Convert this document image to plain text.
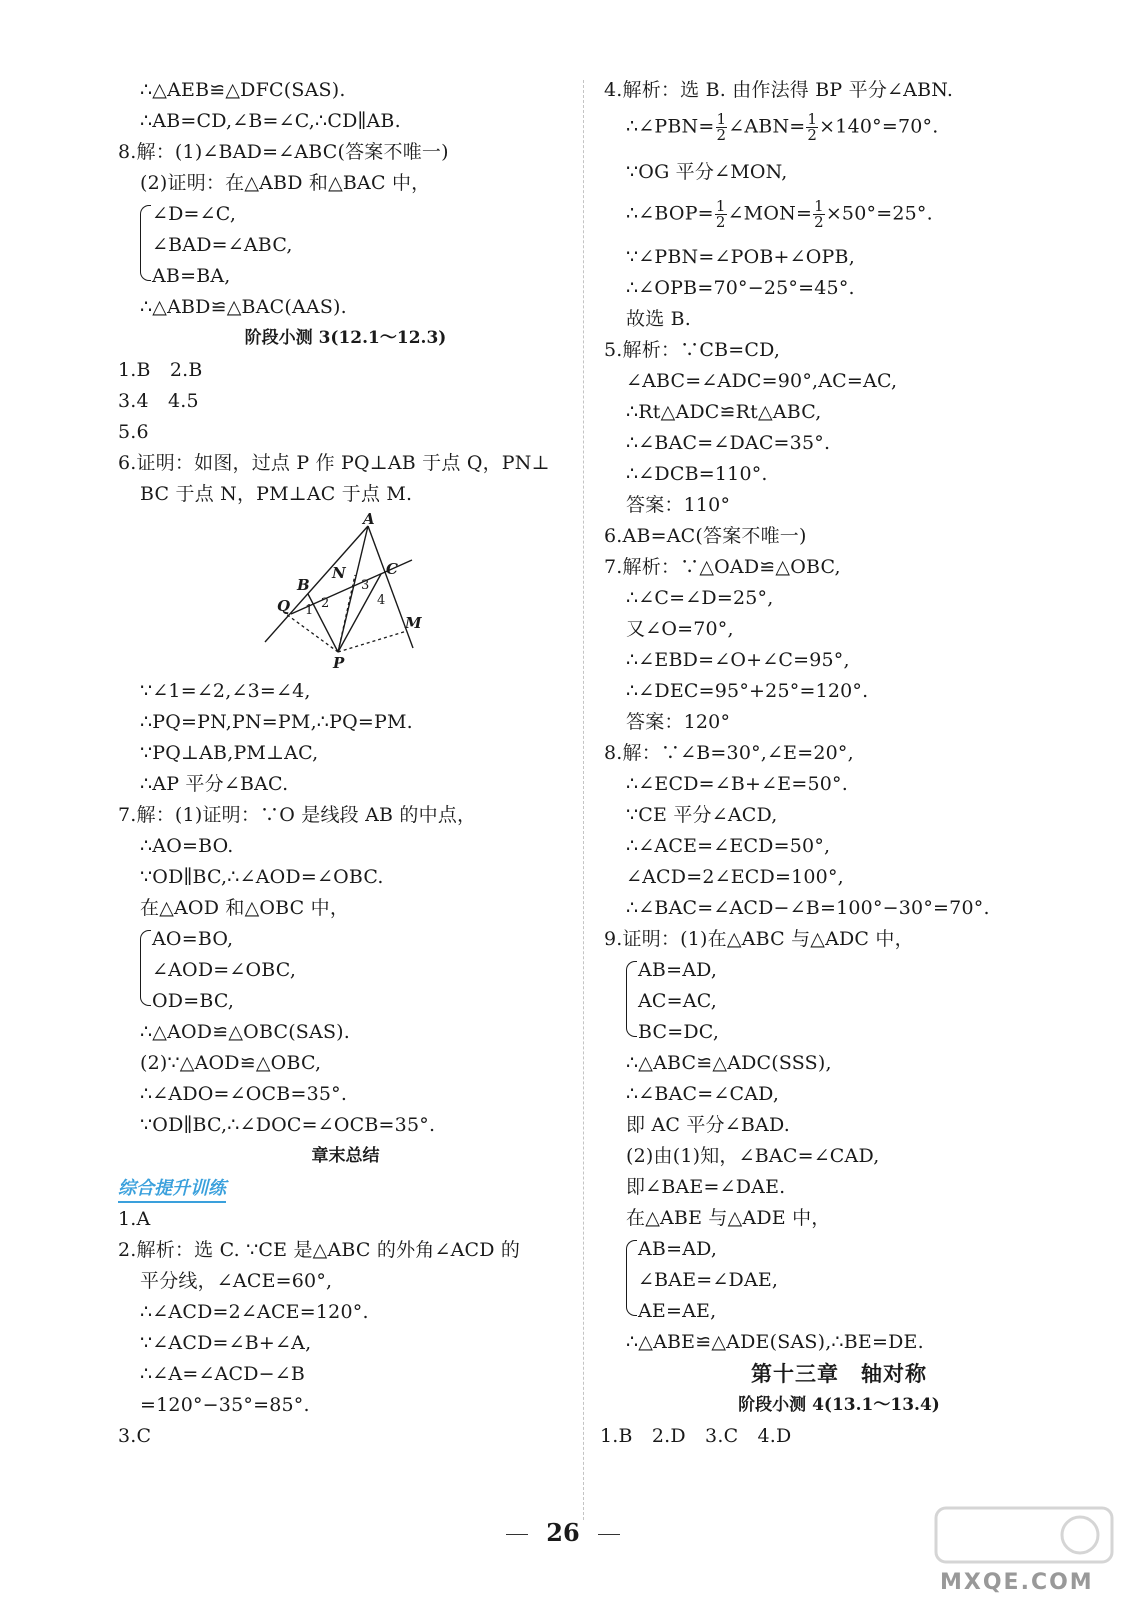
∴△AEB≌△DFC(SAS).
∴AB=CD,∠B=∠C,∴CD∥AB.
8.解：(1)∠BAD=∠ABC(答案不唯一)
(2)证明：在△ABD 和△BAC 中，
∠D=∠C,
∠BAD=∠ABC,
AB=BA,
∴△ABD≌△BAC(AAS).
阶段小测 3(12.1～12.3)
1.B　2.B
3.4　4.5
5.6
6.证明：如图，过点 P 作 PQ⊥AB 于点 Q，PN⊥
BC 于点 N，PM⊥AC 于点 M.
∵∠1=∠2,∠3=∠4,
∴PQ=PN,PN=PM,∴PQ=PM.
∵PQ⊥AB,PM⊥AC,
∴AP 平分∠BAC.
7.解：(1)证明：∵O 是线段 AB 的中点，
∴AO=BO.
∵OD∥BC,∴∠AOD=∠OBC.
在△AOD 和△OBC 中，
AO=BO,
∠AOD=∠OBC,
OD=BC,
∴△AOD≌△OBC(SAS).
(2)∵△AOD≌△OBC,
∴∠ADO=∠OCB=35°.
∵OD∥BC,∴∠DOC=∠OCB=35°.
章末总结
综合提升训练
1.A
2.解析：选 C. ∵CE 是△ABC 的外角∠ACD 的
平分线，∠ACE=60°,
∴∠ACD=2∠ACE=120°.
∵∠ACD=∠B+∠A,
∴∠A=∠ACD−∠B
=120°−35°=85°.
3.C
A
B
N	C
Q
M
P
1 2
3
4
4.解析：选 B. 由作法得 BP 平分∠ABN.
∴∠PBN= $\frac{1}{2}$ ∠ABN= $\frac{1}{2} \times 140^\circ=70^\circ$.
∵OG 平分∠MON,
∴∠BOP= $\frac{1}{2}$ ∠MON= $\frac{1}{2} \times 50^\circ=25^\circ$.
∵∠PBN=∠POB+∠OPB,
∴∠OPB=70°−25°=45°.
故选 B.
5.解析：∵CB=CD,
∠ABC=∠ADC=90°,AC=AC,
∴Rt△ADC≌Rt△ABC,
∴∠BAC=∠DAC=35°.
∴∠DCB=110°.
答案：110°
6.AB=AC(答案不唯一)
7.解析：∵△OAD≌△OBC,
∴∠C=∠D=25°,
又∠O=70°,
∴∠EBD=∠O+∠C=95°,
∴∠DEC=95°+25°=120°.
答案：120°
8.解：∵∠B=30°,∠E=20°,
∴∠ECD=∠B+∠E=50°.
∵CE 平分∠ACD,
∴∠ACE=∠ECD=50°,
∠ACD=2∠ECD=100°,
∴∠BAC=∠ACD−∠B=100°−30°=70°.
9.证明：(1)在△ABC 与△ADC 中，
AB=AD,
AC=AC,
BC=DC,
∴△ABC≌△ADC(SSS),
∴∠BAC=∠CAD,
即 AC 平分∠BAD.
(2)由(1)知，∠BAC=∠CAD,
即∠BAE=∠DAE.
在△ABE 与△ADE 中，
AB=AD,
∠BAE=∠DAE,
AE=AE,
∴△ABE≌△ADE(SAS),∴BE=DE.
第十三章　轴对称
阶段小测 4(13.1～13.4)
1.B　2.D　3.C　4.D
26
MXQE.COM
